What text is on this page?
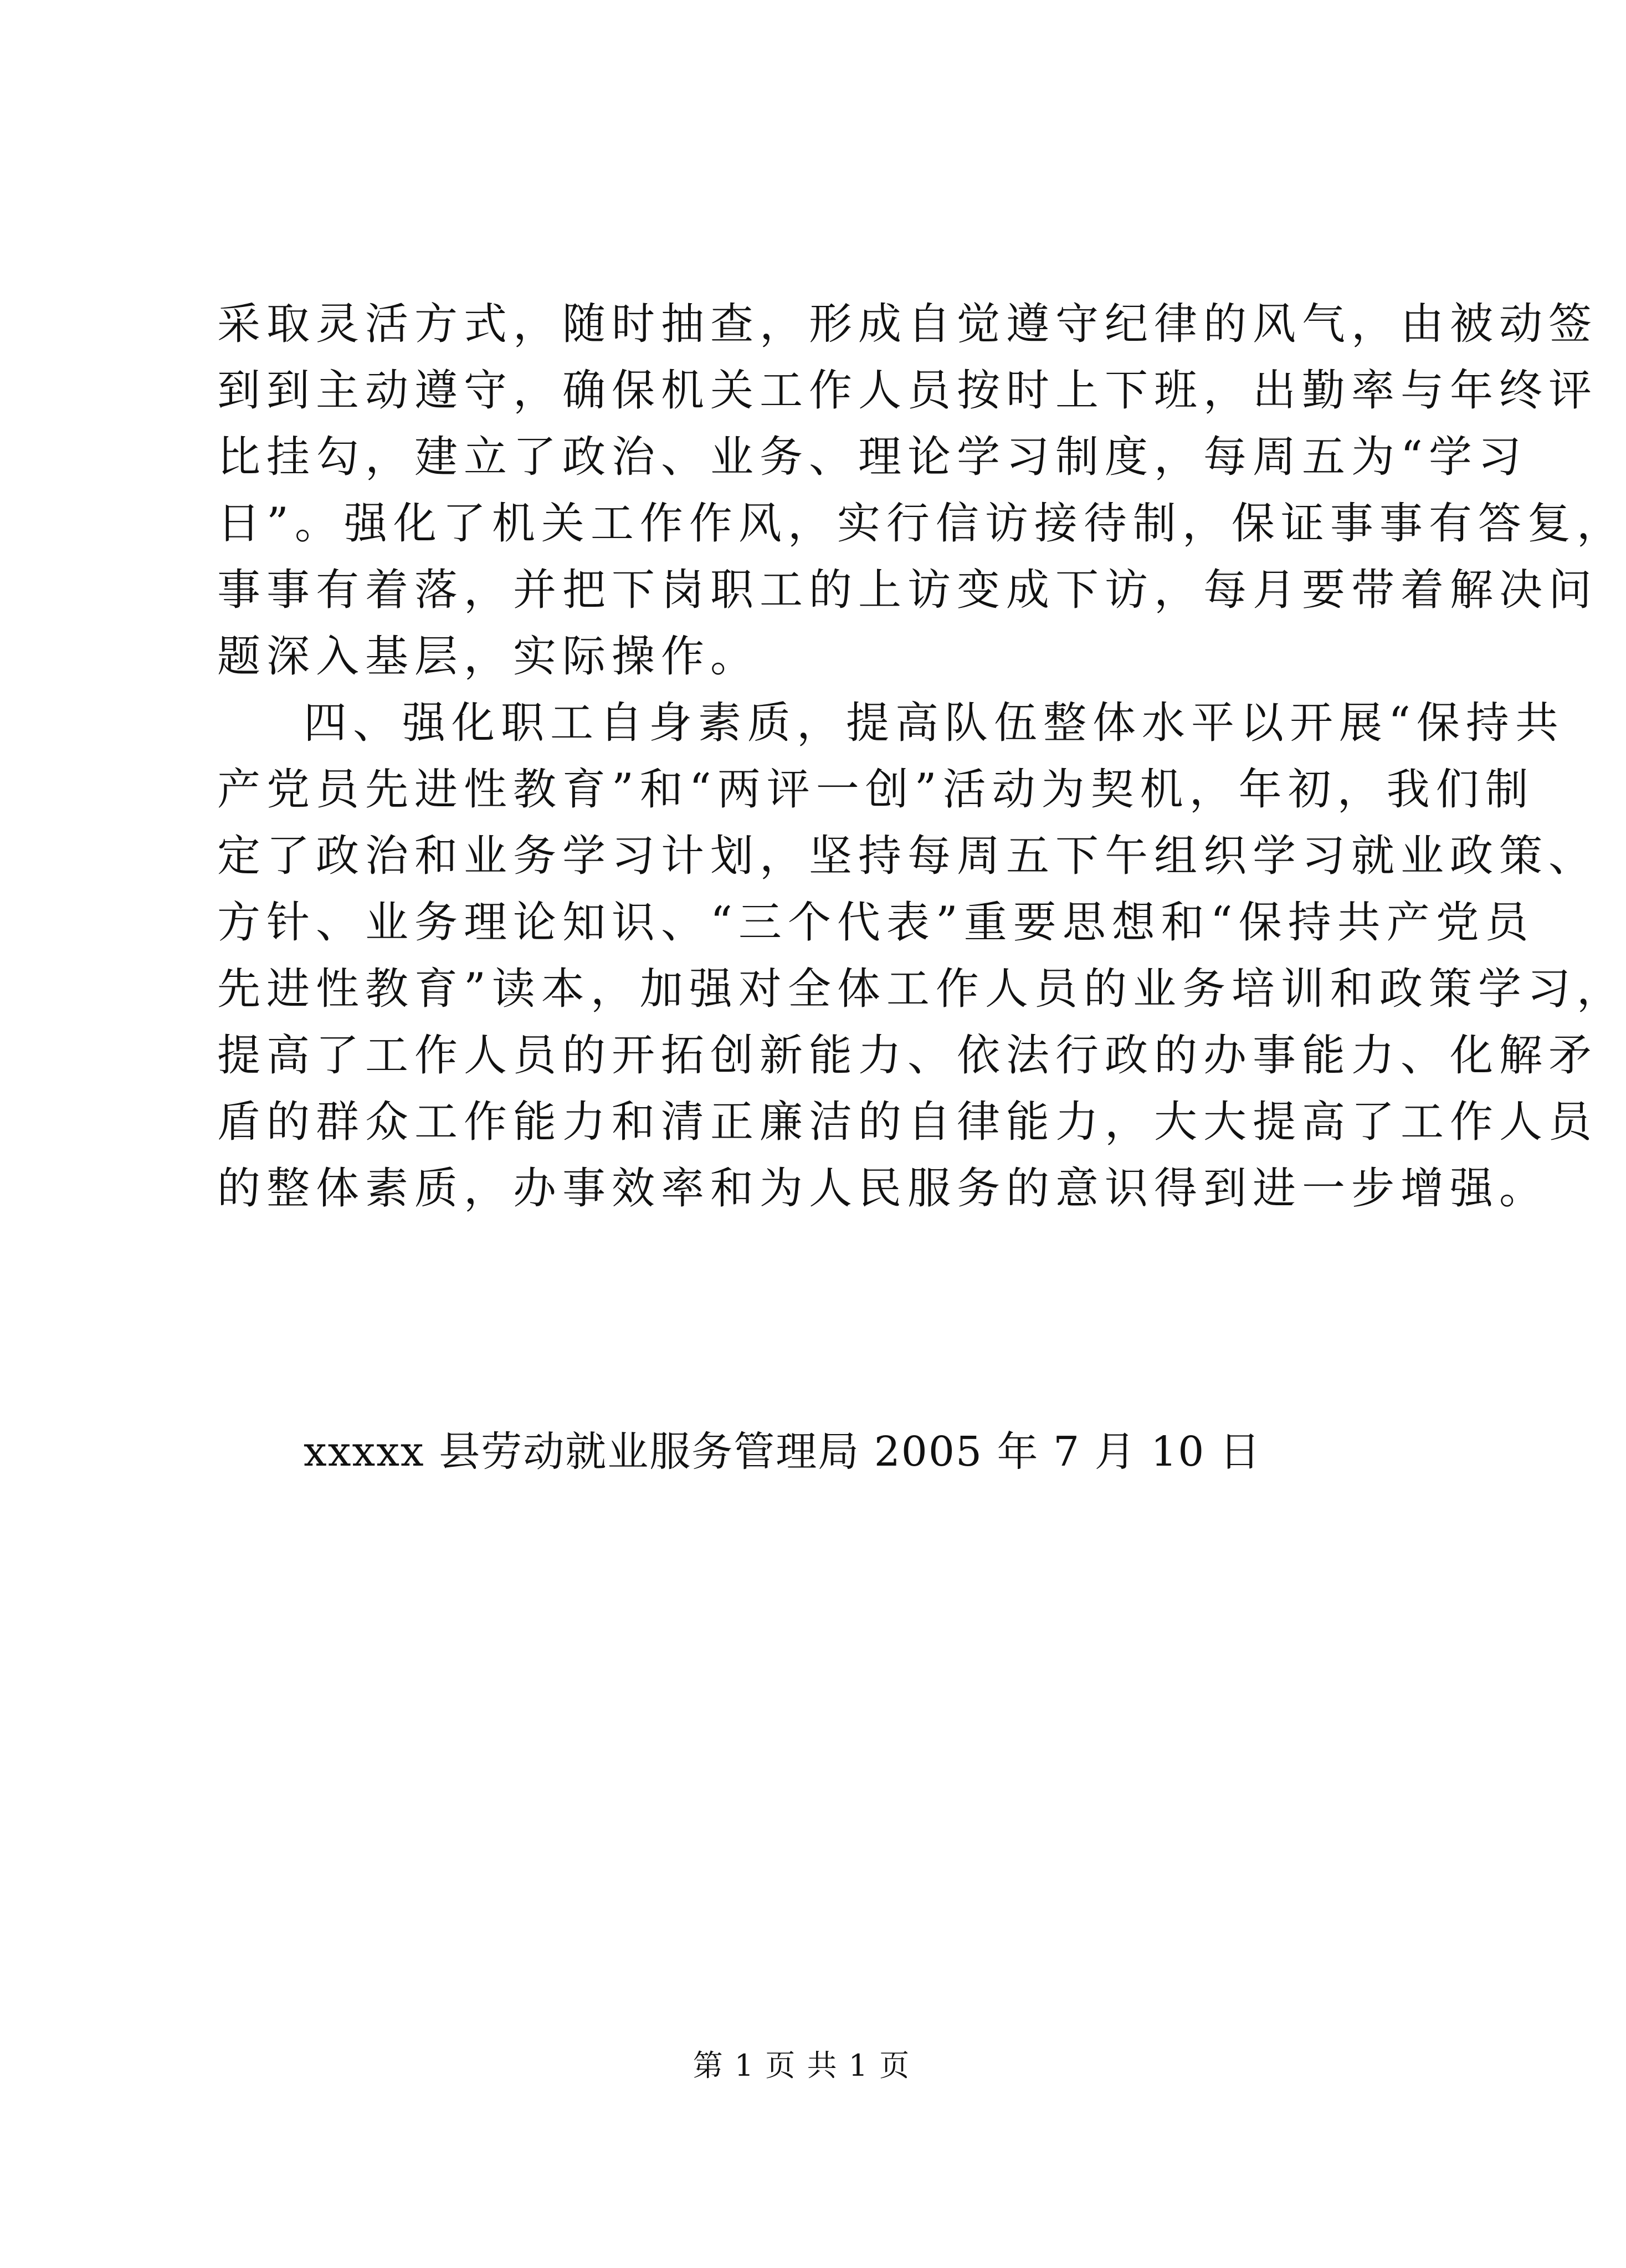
采取灵活方式，随时抽查，形成自觉遵守纪律的风气，由被动签
到到主动遵守，确保机关工作人员按时上下班，出勤率与年终评
比挂勾，建立了政治、业务、理论学习制度，每周五为“学习
日”。强化了机关工作作风，实行信访接待制，保证事事有答复，
事事有着落，并把下岗职工的上访变成下访，每月要带着解决问
题深入基层，实际操作。
四、强化职工自身素质，提高队伍整体水平以开展“保持共
产党员先进性教育”和“两评一创”活动为契机，年初，我们制
定了政治和业务学习计划，坚持每周五下午组织学习就业政策、
方针、业务理论知识、“三个代表”重要思想和“保持共产党员
先进性教育”读本，加强对全体工作人员的业务培训和政策学习，
提高了工作人员的开拓创新能力、依法行政的办事能力、化解矛
盾的群众工作能力和清正廉洁的自律能力，大大提高了工作人员
的整体素质，办事效率和为人民服务的意识得到进一步增强。
xxxxx 县劳动就业服务管理局 2005 年 7 月 10 日
第 1 页 共 1 页
